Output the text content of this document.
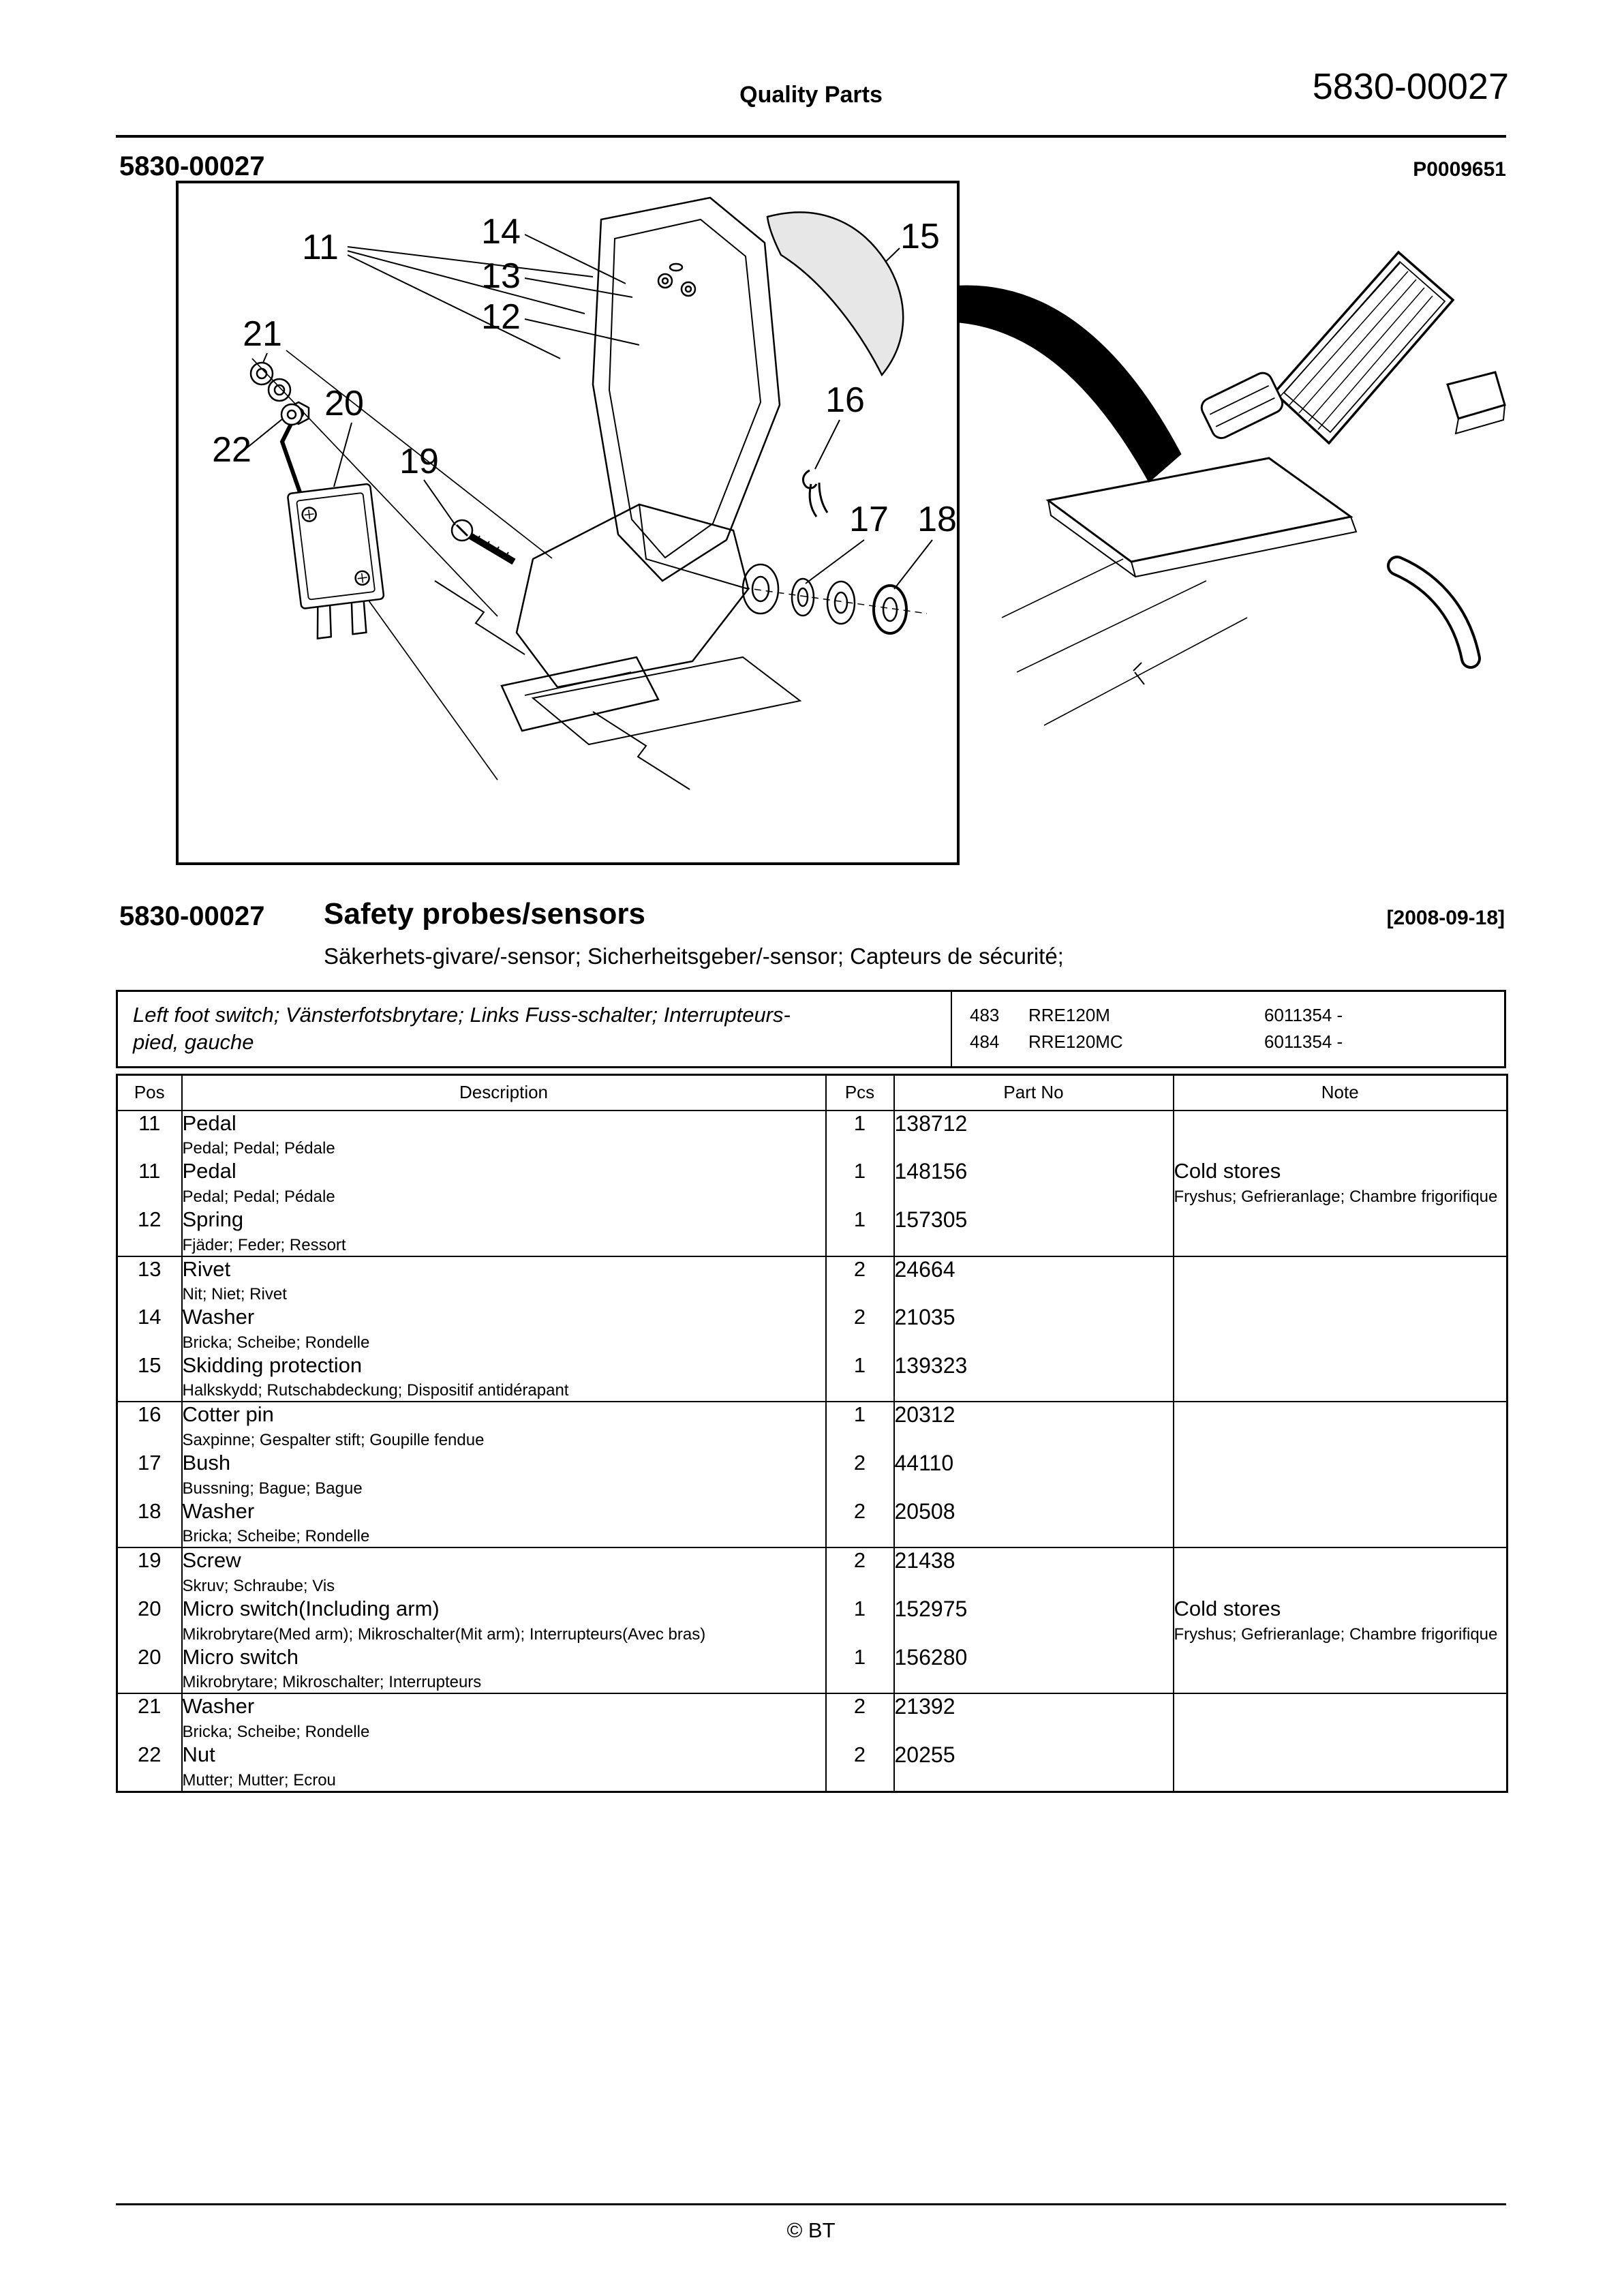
Quality Parts	5830-00027
5830-00027	P0009651
11	14
13
12
15
21
20
22	19
16
17 18
5830-00027 Safety probes/sensors	[2008-09-18]
Säkerhets-givare/-sensor; Sicherheitsgeber/-sensor; Capteurs de sécurité;
Left foot switch; Vänsterfotsbrytare; Links Fuss-schalter; Interrupteurs-pied, gauche
483	RRE120M	6011354 -
484	RRE120MC	6011354 -
Pos	Description	Pcs	Part No	Note
11	Pedal
Pedal; Pedal; Pédale	1	138712	
11	Pedal
Pedal; Pedal; Pédale
	1	148156	Cold stores
Fryshus; Gefrieranlage; Chambre frigorifique

12	Spring
Fjäder; Feder; Ressort	1	157305	
13	Rivet
Nit; Niet; Rivet	2	24664	
14	Washer
Bricka; Scheibe; Rondelle	2	21035	
15	Skidding protection
Halkskydd; Rutschabdeckung; Dispositif antidérapant	1	139323	
16	Cotter pin
Saxpinne; Gespalter stift; Goupille fendue	1	20312	
17	Bush
Bussning; Bague; Bague	2	44110	
18	Washer
Bricka; Scheibe; Rondelle	2	20508	
19	Screw
Skruv; Schraube; Vis	2	21438	
20	Micro switch(Including arm)
Mikrobrytare(Med arm); Mikroschalter(Mit arm); Interrupteurs(Avec bras)
	1	152975	Cold stores
Fryshus; Gefrieranlage; Chambre frigorifique

20	Micro switch
Mikrobrytare; Mikroschalter; Interrupteurs	1	156280	
21	Washer
Bricka; Scheibe; Rondelle	2	21392	
22	Nut
Mutter; Mutter; Ecrou	2	20255	
© BT
